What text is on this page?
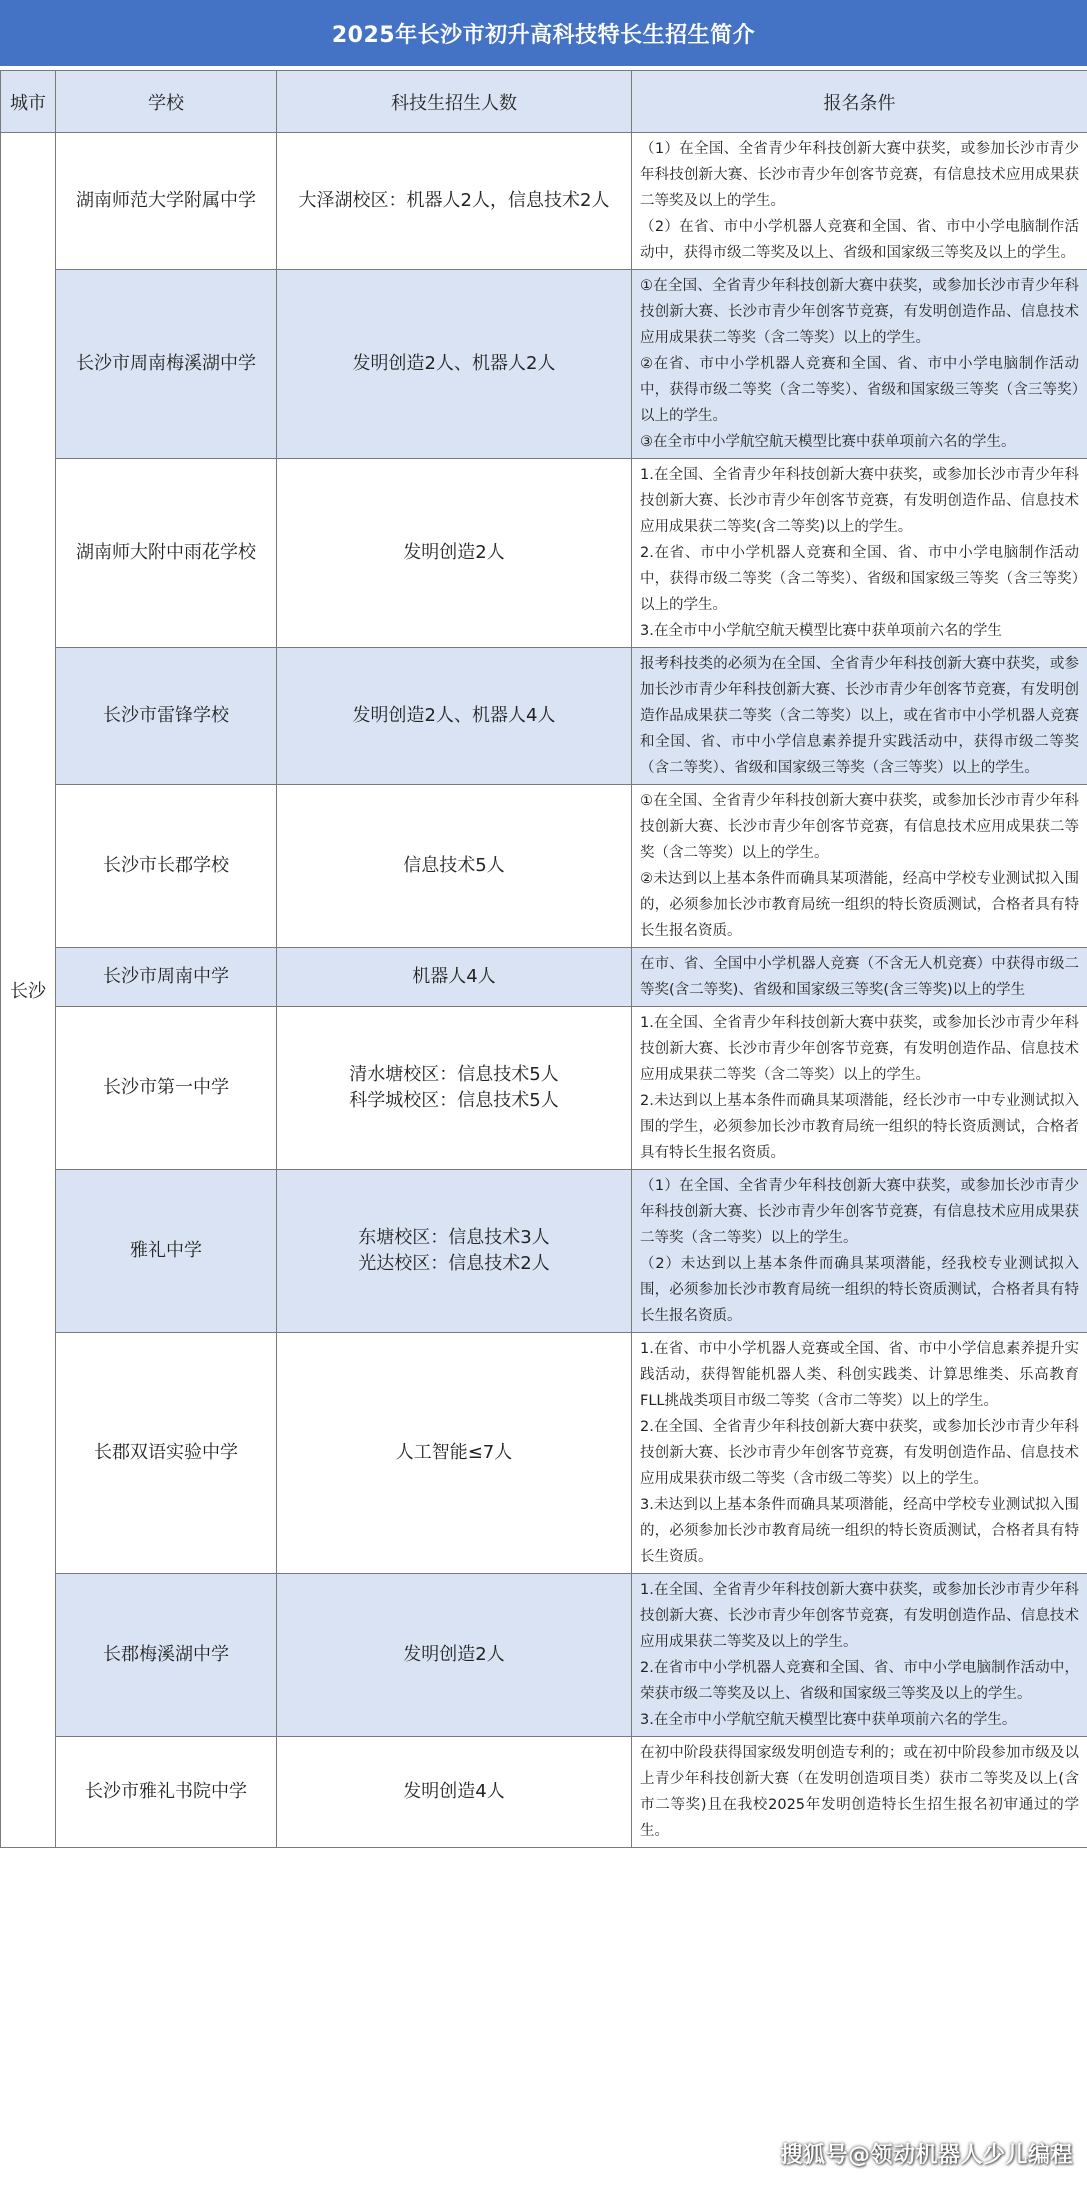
2025年长沙市初升高科技特长生招生简介
城市	学校	科技生招生人数	报名条件
长沙	湖南师范大学附属中学	大泽湖校区：机器人2人，信息技术2人	（1）在全国、全省青少年科技创新大赛中获奖，或参加长沙市青少年科技创新大赛、长沙市青少年创客节竞赛，有信息技术应用成果获二等奖及以上的学生。
（2）在省、市中小学机器人竞赛和全国、省、市中小学电脑制作活动中，获得市级二等奖及以上、省级和国家级三等奖及以上的学生。

	长沙市周南梅溪湖中学	发明创造2人、机器人2人	①在全国、全省青少年科技创新大赛中获奖，或参加长沙市青少年科技创新大赛、长沙市青少年创客节竞赛，有发明创造作品、信息技术应用成果获二等奖（含二等奖）以上的学生。
②在省、市中小学机器人竞赛和全国、省、市中小学电脑制作活动中，获得市级二等奖（含二等奖）、省级和国家级三等奖（含三等奖）以上的学生。
③在全市中小学航空航天模型比赛中获单项前六名的学生。

	湖南师大附中雨花学校	发明创造2人	1.在全国、全省青少年科技创新大赛中获奖，或参加长沙市青少年科技创新大赛、长沙市青少年创客节竞赛，有发明创造作品、信息技术应用成果获二等奖(含二等奖)以上的学生。
2.在省、市中小学机器人竞赛和全国、省、市中小学电脑制作活动中，获得市级二等奖（含二等奖）、省级和国家级三等奖（含三等奖）以上的学生。
3.在全市中小学航空航天模型比赛中获单项前六名的学生

	长沙市雷锋学校	发明创造2人、机器人4人	报考科技类的必须为在全国、全省青少年科技创新大赛中获奖，或参加长沙市青少年科技创新大赛、长沙市青少年创客节竞赛，有发明创造作品成果获二等奖（含二等奖）以上，或在省市中小学机器人竞赛和全国、省、市中小学信息素养提升实践活动中，获得市级二等奖（含二等奖）、省级和国家级三等奖（含三等奖）以上的学生。

	长沙市长郡学校	信息技术5人	①在全国、全省青少年科技创新大赛中获奖，或参加长沙市青少年科技创新大赛、长沙市青少年创客节竞赛，有信息技术应用成果获二等奖（含二等奖）以上的学生。
②未达到以上基本条件而确具某项潜能，经高中学校专业测试拟入围的，必须参加长沙市教育局统一组织的特长资质测试，合格者具有特长生报名资质。

	长沙市周南中学	机器人4人	在市、省、全国中小学机器人竞赛（不含无人机竞赛）中获得市级二等奖(含二等奖)、省级和国家级三等奖(含三等奖)以上的学生

	长沙市第一中学	清水塘校区：信息技术5人
科学城校区：信息技术5人	1.在全国、全省青少年科技创新大赛中获奖，或参加长沙市青少年科技创新大赛、长沙市青少年创客节竞赛，有发明创造作品、信息技术应用成果获二等奖（含二等奖）以上的学生。
2.未达到以上基本条件而确具某项潜能，经长沙市一中专业测试拟入围的学生，必须参加长沙市教育局统一组织的特长资质测试，合格者具有特长生报名资质。

	雅礼中学	东塘校区：信息技术3人
光达校区：信息技术2人	（1）在全国、全省青少年科技创新大赛中获奖，或参加长沙市青少年科技创新大赛、长沙市青少年创客节竞赛，有信息技术应用成果获二等奖（含二等奖）以上的学生。
（2）未达到以上基本条件而确具某项潜能，经我校专业测试拟入围，必须参加长沙市教育局统一组织的特长资质测试，合格者具有特长生报名资质。

	长郡双语实验中学	人工智能≤7人	1.在省、市中小学机器人竞赛或全国、省、市中小学信息素养提升实践活动，获得智能机器人类、科创实践类、计算思维类、乐高教育FLL挑战类项目市级二等奖（含市二等奖）以上的学生。
2.在全国、全省青少年科技创新大赛中获奖，或参加长沙市青少年科技创新大赛、长沙市青少年创客节竞赛，有发明创造作品、信息技术应用成果获市级二等奖（含市级二等奖）以上的学生。
3.未达到以上基本条件而确具某项潜能，经高中学校专业测试拟入围的，必须参加长沙市教育局统一组织的特长资质测试，合格者具有特长生资质。

	长郡梅溪湖中学	发明创造2人	1.在全国、全省青少年科技创新大赛中获奖，或参加长沙市青少年科技创新大赛、长沙市青少年创客节竞赛，有发明创造作品、信息技术应用成果获二等奖及以上的学生。
2.在省市中小学机器人竞赛和全国、省、市中小学电脑制作活动中，荣获市级二等奖及以上、省级和国家级三等奖及以上的学生。
3.在全市中小学航空航天模型比赛中获单项前六名的学生。

	长沙市雅礼书院中学	发明创造4人	在初中阶段获得国家级发明创造专利的；或在初中阶段参加市级及以上青少年科技创新大赛（在发明创造项目类）获市二等奖及以上(含市二等奖)且在我校2025年发明创造特长生招生报名初审通过的学生。
搜狐号@领动机器人少儿编程
